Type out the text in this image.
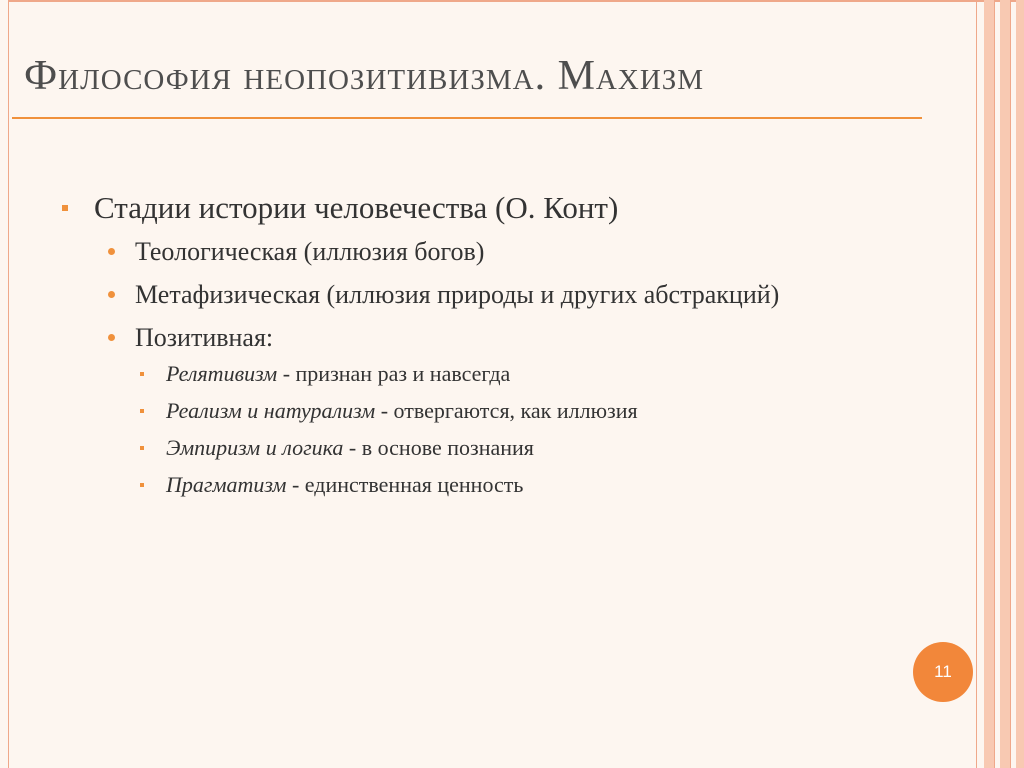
Философия неопозитивизма. Махизм
Стадии истории человечества (О. Конт)
Теологическая (иллюзия богов)
Метафизическая (иллюзия природы и других абстракций)
Позитивная:
Релятивизм - признан раз и навсегда
Реализм и натурализм - отвергаются, как иллюзия
Эмпиризм и логика - в основе познания
Прагматизм - единственная ценность
11
